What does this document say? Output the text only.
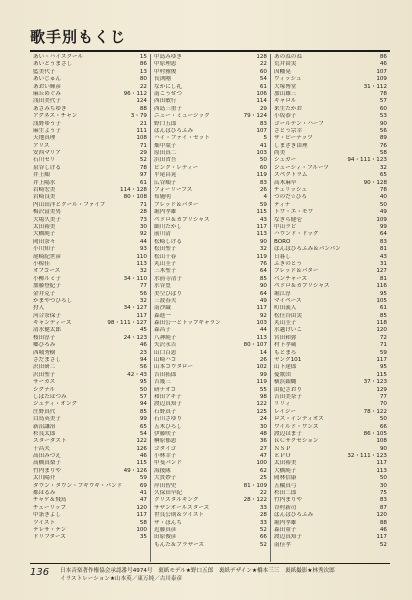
歌手別もくじ
あい・ハイスクール	15
あいとうまさし	86
藍美代子	13
あいじゅん	80
あおい輝彦	22
麻丘めぐみ	96・112
浅田美代子	124
あさみちゆき	88
アグネス・チャン	3・79
浅野ゆう子	21
麻生よう子	111
天地真理	108
アリス	71
安西マリア	29
石川セリ	52
泉谷しげる	78
井上順	97
井上陽水	61
岩崎宏美	114・128
岩崎良美	80・108
内山田洋とクール・ファイブ	71
梅沢富美男	28
大場久美子	73
太田裕美	30
大橋純子	92
岡田奈々	44
小川知子	93
尾崎紀世彦	110
小椋佳	113
オフコース	32
小柳ルミ子	34・110
加藤登紀子	77
金井克子	56
かまやつひろし	32
狩人	34・127
河合奈保子	117
キャンディーズ	98・111・127
清水健太郎	45
桜田淳子	24・123
郷ひろみ	46
西城秀樹	23
さだまさし	94
沢田研二	56
沢田聖子	42・43
サーカス	95
シグナル	50
しばたはつみ	57
ジュディ・オング	94
庄野真代	85
白鳥英美子	99
新沼謙治	65
杉良太郎	54
スターダスト	122
千昌夫	126
高田みづえ	46
高橋真梨子	115
竹内まりや	49・126
太川陽介	59
ダウン・タウン・ブギウギ・バンド	69
都はるみ	41
チャゲ＆飛鳥	47
チューリップ	120
中条きよし	117
ツイスト	58
テレサ・テン	100
ドリフターズ	35
中島みゆき	128
中原理恵	22
中村雅俊	60
長渕剛	54
なかにし礼	61
南こうせつ	106
西田敏行	114
西島三重子	29
ニュー・ミュージック	79・124
野口五郎	83
ばんばひろふみ	107
ハイ・ファイ・セット	5
畑中葉子	41
原田真二	103
浜田省吾	50
ピンク・レディー	60
平尾昌晃	119
広谷順子	83
フォーリーブス	26
布施明	4
ブレッド＆バター	59
堀内孝雄	115
ペドロ＆カプリシャス	43
細川たかし	117
前川清	113
松崎しげる	90
松田聖子	32
松山千春	119
丸山圭子	76
三木聖子	64
水前寺清子	85
水谷豊	90
美空ひばり	64
三波春夫	49
南沙織	117
森進一	92
森田公一とトップギャラン	103
森昌子	44
八神純子	113
矢沢永吉	80・107
山口百恵	14
山崎ハコ	26
山本コウタロー	102
吉田拓郎	99
吉幾三	119
研ナオコ	55
和田アキ子	98
渡辺真知子	122
石野真子	125
石川さゆり	24
五木ひろし	30
伊藤咲子	48
榊原郁恵	36
ゴダイゴ	27
小林幸子	47
甲斐バンド	100
海援隊	62
大貫妙子	25
岸田智史	81・109
久保田早紀	22
クリスタルキング	28・122
サザンオールスターズ	33
世良公則＆ツイスト	28
ザ・ぼんち	33
近藤真彦	52
田原俊彦	66
もんた＆ブラザーズ	52
あのねのね	86
荒井由実	46
因幡晃	107
ウィッシュ	109
大塚博堂	31・112
加山雄三	78
キャロル	57
来生たかお	60
小坂恭子	53
ゴールデン・ハーフ	90
さとう宗幸	56
ザ・ピーナッツ	89
しまざき由理	76
尚美	58
シュガー	94・111・123
ジューシィ・フルーツ	32
スペクトラム	65
高木麻早	90・128
チェリッシュ	78
つのだ☆ひろ	40
ティナ	50
トワ・エ・モワ	49
なぎら健壱	109
中山ラビ	99
ハウンド・ドッグ	64
BORO	83
ばんばひろふみ＆バンバン	81
日暮し	43
ふきのとう	31
ブレッド＆バター	127
ベンチャーズ	81
ペドロ＆カプリシャス	116
堀江淳	95
マイペース	105
町田義人	61
松任谷由実	85
丸山圭子	118
水越けいこ	120
宮田和弥	72
村下孝蔵	71
もとまろ	59
ヤング101	117
山下達郎	95
憂歌団	115
横浜銀蝿	37・123
由紀さおり	129
吉田美奈子	77
リリィ	70
レイジー	78・122
ロス・インディオス	50
ワイルド・ワンズ	66
渡辺はま子	86・105
ＲＣサクセション	108
ＮＳＰ	90
ＥＰＯ	32・111・123
太田裕美	117
大橋純子	113
岡林信康	50
五輪真弓	30
杉田二郎	75
竹内まりや	83
谷村新司	87
ばんばひろふみ	120
堀内孝雄	88
森田童子	46
渡辺真知子	117
南佳孝	52
136	日本音楽著作権協会承認番号4974号　裏紙モデル★野口五郎　裏紙デザイン★橋本三三　裏紙撮影★林秀次郎
イラストレーション★山本英／東万純／古川泰彦
